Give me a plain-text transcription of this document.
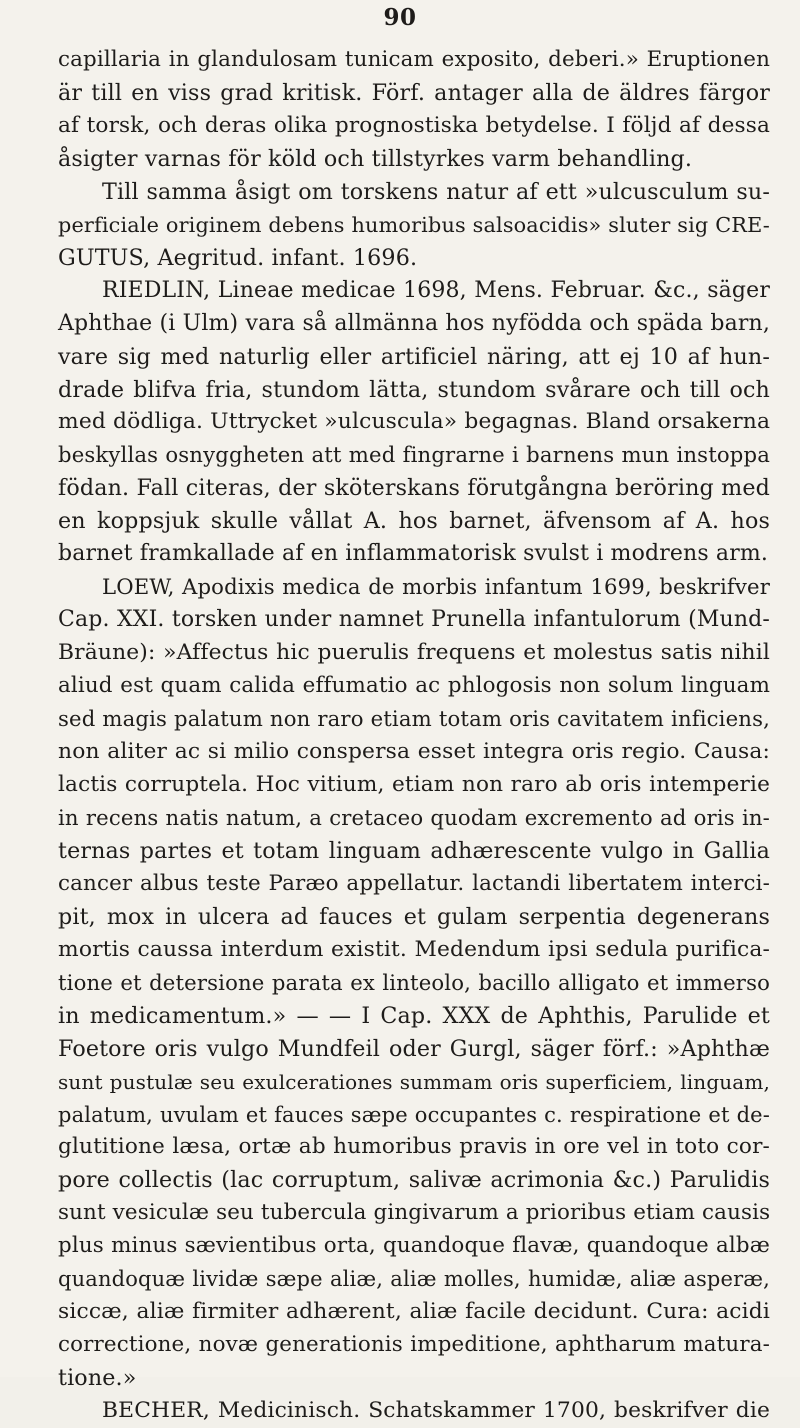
90
capillaria in glandulosam tunicam exposito, deberi.» Eruptionen
är till en viss grad kritisk. Förf. antager alla de äldres färgor
af torsk, och deras olika prognostiska betydelse. I följd af dessa
åsigter varnas för köld och tillstyrkes varm behandling.
Till samma åsigt om torskens natur af ett »ulcusculum su-
perficiale originem debens humoribus salsoacidis» sluter sig CRE-
GUTUS, Aegritud. infant. 1696.
RIEDLIN, Lineae medicae 1698, Mens. Februar. &c., säger
Aphthae (i Ulm) vara så allmänna hos nyfödda och späda barn,
vare sig med naturlig eller artificiel näring, att ej 10 af hun-
drade blifva fria, stundom lätta, stundom svårare och till och
med dödliga. Uttrycket »ulcuscula» begagnas. Bland orsakerna
beskyllas osnyggheten att med fingrarne i barnens mun instoppa
födan. Fall citeras, der sköterskans förutgångna beröring med
en koppsjuk skulle vållat A. hos barnet, äfvensom af A. hos
barnet framkallade af en inflammatorisk svulst i modrens arm.
LOEW, Apodixis medica de morbis infantum 1699, beskrifver
Cap. XXI. torsken under namnet Prunella infantulorum (Mund-
Bräune): »Affectus hic puerulis frequens et molestus satis nihil
aliud est quam calida effumatio ac phlogosis non solum linguam
sed magis palatum non raro etiam totam oris cavitatem inficiens,
non aliter ac si milio conspersa esset integra oris regio. Causa:
lactis corruptela. Hoc vitium, etiam non raro ab oris intemperie
in recens natis natum, a cretaceo quodam excremento ad oris in-
ternas partes et totam linguam adhærescente vulgo in Gallia
cancer albus teste Paræo appellatur. lactandi libertatem interci-
pit, mox in ulcera ad fauces et gulam serpentia degenerans
mortis caussa interdum existit. Medendum ipsi sedula purifica-
tione et detersione parata ex linteolo, bacillo alligato et immerso
in medicamentum.» — — I Cap. XXX de Aphthis, Parulide et
Foetore oris vulgo Mundfeil oder Gurgl, säger förf.: »Aphthæ
sunt pustulæ seu exulcerationes summam oris superficiem, linguam,
palatum, uvulam et fauces sæpe occupantes c. respiratione et de-
glutitione læsa, ortæ ab humoribus pravis in ore vel in toto cor-
pore collectis (lac corruptum, salivæ acrimonia &c.) Parulidis
sunt vesiculæ seu tubercula gingivarum a prioribus etiam causis
plus minus sævientibus orta, quandoque flavæ, quandoque albæ
quandoquæ lividæ sæpe aliæ, aliæ molles, humidæ, aliæ asperæ,
siccæ, aliæ firmiter adhærent, aliæ facile decidunt. Cura: acidi
correctione, novæ generationis impeditione, aphtharum matura-
tione.»
BECHER, Medicinisch. Schatskammer 1700, beskrifver die
